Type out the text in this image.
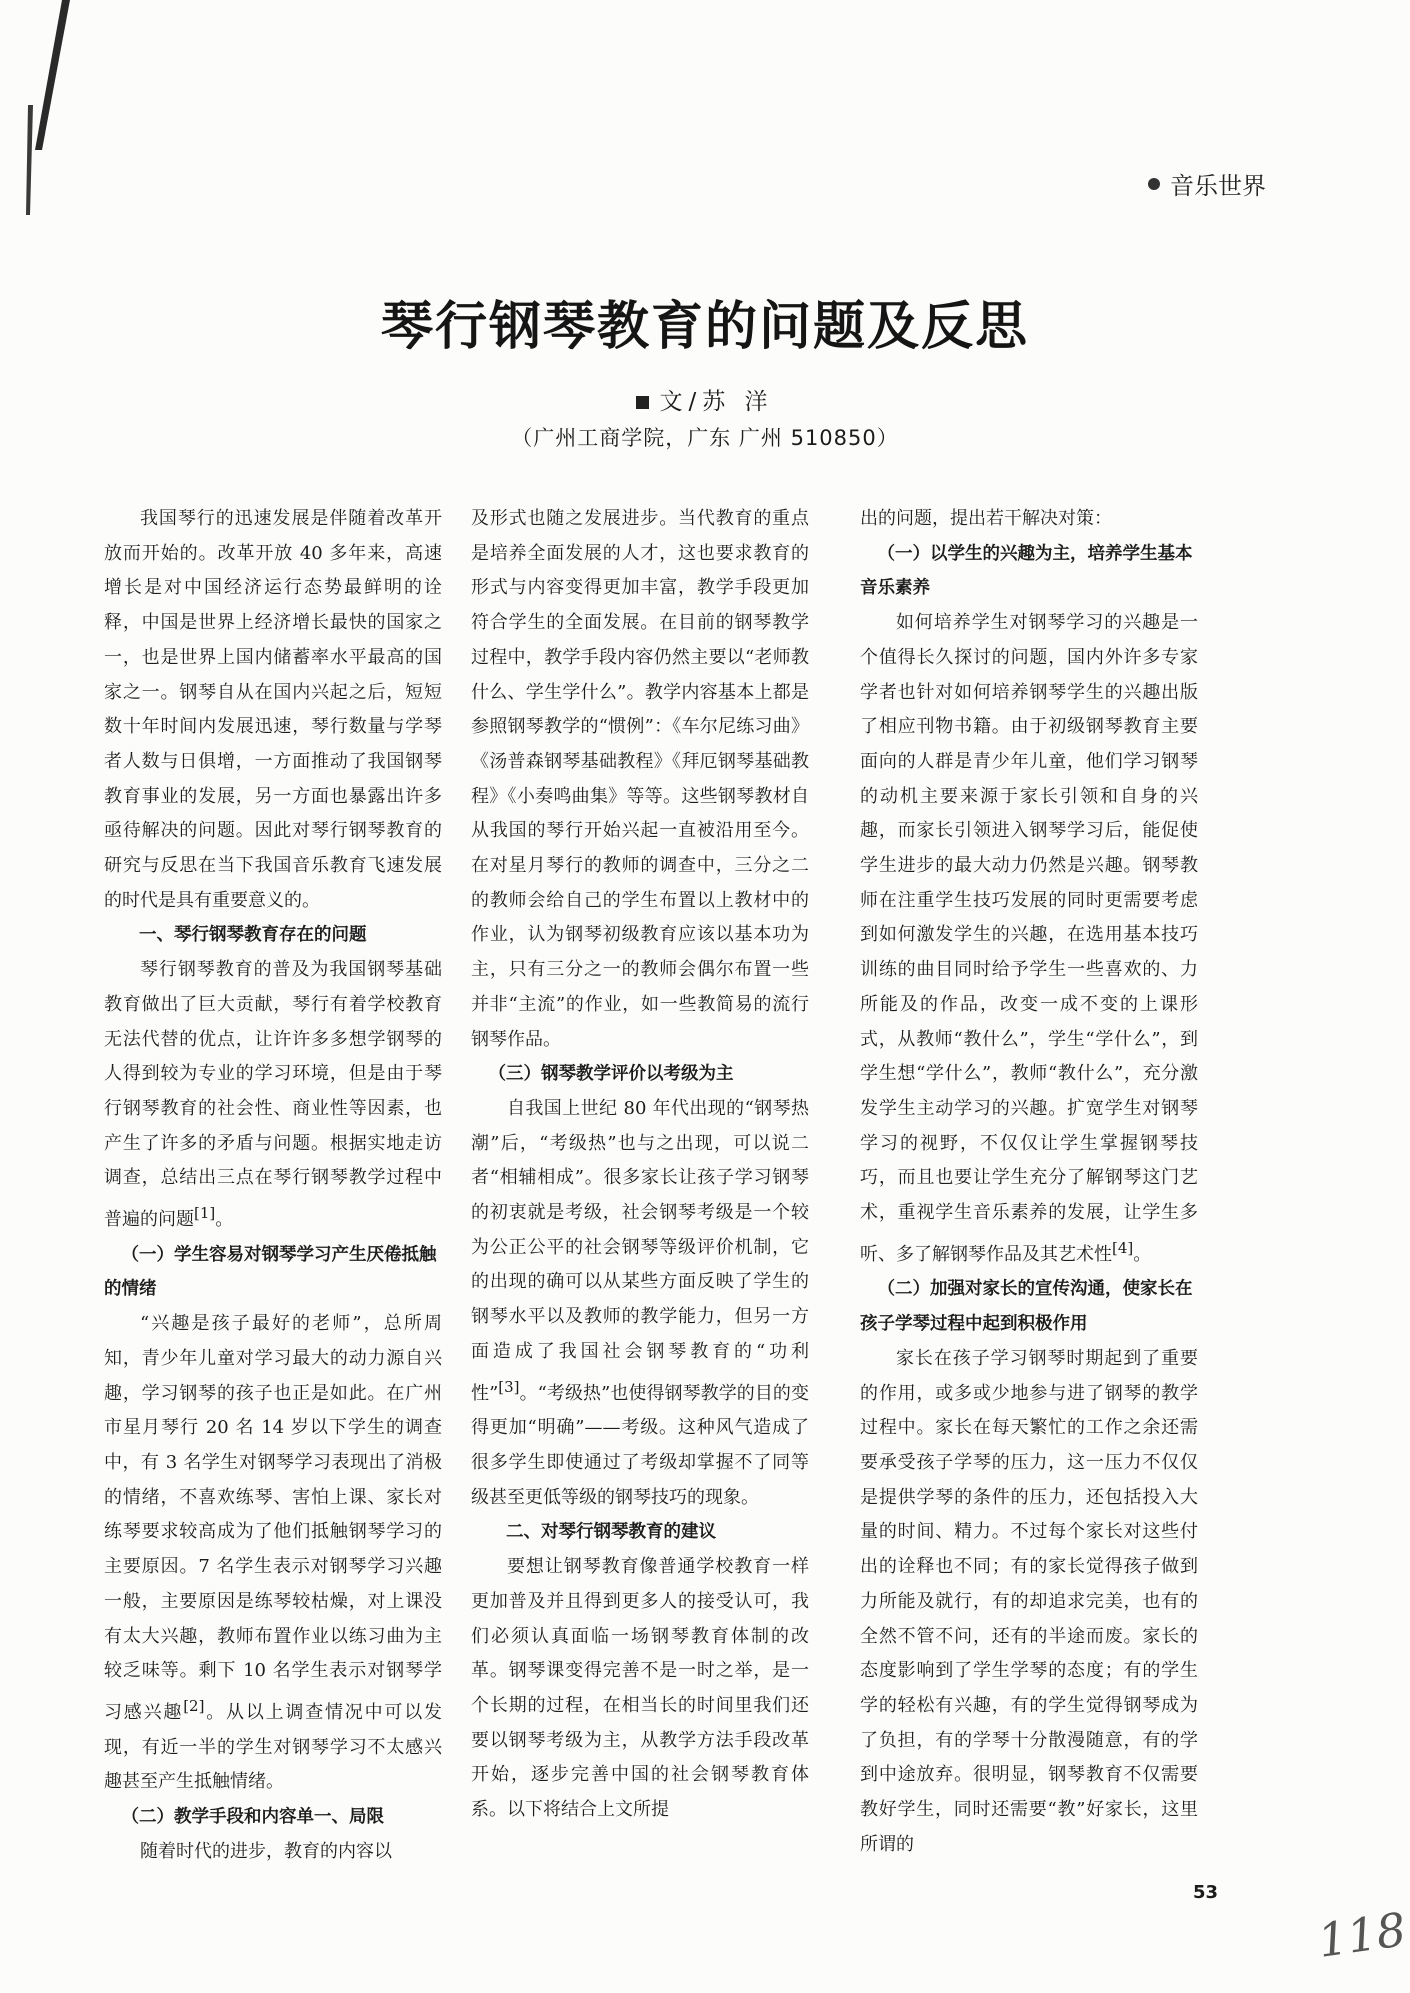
音乐世界
琴行钢琴教育的问题及反思
文/苏 洋
（广州工商学院，广东 广州 510850）

我国琴行的迅速发展是伴随着改革开放而开始的。改革开放 40 多年来，高速增长是对中国经济运行态势最鲜明的诠释，中国是世界上经济增长最快的国家之一，也是世界上国内储蓄率水平最高的国家之一。钢琴自从在国内兴起之后，短短数十年时间内发展迅速，琴行数量与学琴者人数与日俱增，一方面推动了我国钢琴教育事业的发展，另一方面也暴露出许多亟待解决的问题。因此对琴行钢琴教育的研究与反思在当下我国音乐教育飞速发展的时代是具有重要意义的。

一、琴行钢琴教育存在的问题

琴行钢琴教育的普及为我国钢琴基础教育做出了巨大贡献，琴行有着学校教育无法代替的优点，让许许多多想学钢琴的人得到较为专业的学习环境，但是由于琴行钢琴教育的社会性、商业性等因素，也产生了许多的矛盾与问题。根据实地走访调查，总结出三点在琴行钢琴教学过程中普遍的问题[1]。

（一）学生容易对钢琴学习产生厌倦抵触的情绪

“兴趣是孩子最好的老师”，总所周知，青少年儿童对学习最大的动力源自兴趣，学习钢琴的孩子也正是如此。在广州市星月琴行 20 名 14 岁以下学生的调查中，有 3 名学生对钢琴学习表现出了消极的情绪，不喜欢练琴、害怕上课、家长对练琴要求较高成为了他们抵触钢琴学习的主要原因。7 名学生表示对钢琴学习兴趣一般，主要原因是练琴较枯燥，对上课没有太大兴趣，教师布置作业以练习曲为主较乏味等。剩下 10 名学生表示对钢琴学习感兴趣[2]。从以上调查情况中可以发现，有近一半的学生对钢琴学习不太感兴趣甚至产生抵触情绪。

（二）教学手段和内容单一、局限

随着时代的进步，教育的内容以

及形式也随之发展进步。当代教育的重点是培养全面发展的人才，这也要求教育的形式与内容变得更加丰富，教学手段更加符合学生的全面发展。在目前的钢琴教学过程中，教学手段内容仍然主要以“老师教什么、学生学什么”。教学内容基本上都是参照钢琴教学的“惯例”：《车尔尼练习曲》《汤普森钢琴基础教程》《拜厄钢琴基础教程》《小奏鸣曲集》等等。这些钢琴教材自从我国的琴行开始兴起一直被沿用至今。在对星月琴行的教师的调查中，三分之二的教师会给自己的学生布置以上教材中的作业，认为钢琴初级教育应该以基本功为主，只有三分之一的教师会偶尔布置一些并非“主流”的作业，如一些教简易的流行钢琴作品。

（三）钢琴教学评价以考级为主

自我国上世纪 80 年代出现的“钢琴热潮”后，“考级热”也与之出现，可以说二者“相辅相成”。很多家长让孩子学习钢琴的初衷就是考级，社会钢琴考级是一个较为公正公平的社会钢琴等级评价机制，它的出现的确可以从某些方面反映了学生的钢琴水平以及教师的教学能力，但另一方面造成了我国社会钢琴教育的“功利性”[3]。“考级热”也使得钢琴教学的目的变得更加“明确”——考级。这种风气造成了很多学生即使通过了考级却掌握不了同等级甚至更低等级的钢琴技巧的现象。

二、对琴行钢琴教育的建议

要想让钢琴教育像普通学校教育一样更加普及并且得到更多人的接受认可，我们必须认真面临一场钢琴教育体制的改革。钢琴课变得完善不是一时之举，是一个长期的过程，在相当长的时间里我们还要以钢琴考级为主，从教学方法手段改革开始，逐步完善中国的社会钢琴教育体系。以下将结合上文所提

出的问题，提出若干解决对策：

（一）以学生的兴趣为主，培养学生基本音乐素养

如何培养学生对钢琴学习的兴趣是一个值得长久探讨的问题，国内外许多专家学者也针对如何培养钢琴学生的兴趣出版了相应刊物书籍。由于初级钢琴教育主要面向的人群是青少年儿童，他们学习钢琴的动机主要来源于家长引领和自身的兴趣，而家长引领进入钢琴学习后，能促使学生进步的最大动力仍然是兴趣。钢琴教师在注重学生技巧发展的同时更需要考虑到如何激发学生的兴趣，在选用基本技巧训练的曲目同时给予学生一些喜欢的、力所能及的作品，改变一成不变的上课形式，从教师“教什么”，学生“学什么”，到学生想“学什么”，教师“教什么”，充分激发学生主动学习的兴趣。扩宽学生对钢琴学习的视野，不仅仅让学生掌握钢琴技巧，而且也要让学生充分了解钢琴这门艺术，重视学生音乐素养的发展，让学生多听、多了解钢琴作品及其艺术性[4]。

（二）加强对家长的宣传沟通，使家长在孩子学琴过程中起到积极作用

家长在孩子学习钢琴时期起到了重要的作用，或多或少地参与进了钢琴的教学过程中。家长在每天繁忙的工作之余还需要承受孩子学琴的压力，这一压力不仅仅是提供学琴的条件的压力，还包括投入大量的时间、精力。不过每个家长对这些付出的诠释也不同；有的家长觉得孩子做到力所能及就行，有的却追求完美，也有的全然不管不问，还有的半途而废。家长的态度影响到了学生学琴的态度；有的学生学的轻松有兴趣，有的学生觉得钢琴成为了负担，有的学琴十分散漫随意，有的学到中途放弃。很明显，钢琴教育不仅需要教好学生，同时还需要“教”好家长，这里所谓的

53
118
